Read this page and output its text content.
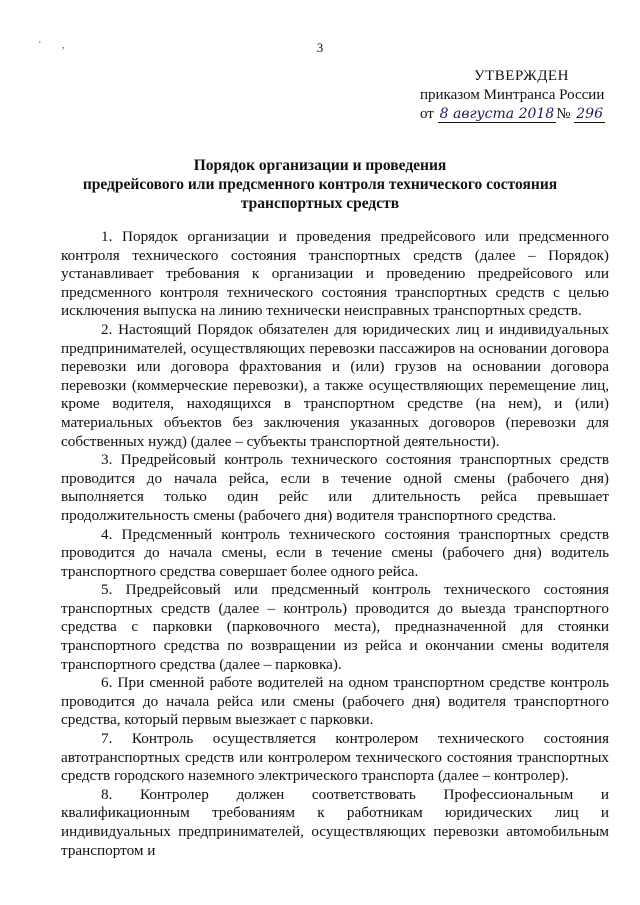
' ,	3
УТВЕРЖДЕН
приказом Минтранса России
от 8 августа 2018 № 296
Порядок организации и проведения
предрейсового или предсменного контроля технического состояния
транспортных средств

1. Порядок организации и проведения предрейсового или предсменного контроля технического состояния транспортных средств (далее – Порядок) устанавливает требования к организации и проведению предрейсового или предсменного контроля технического состояния транспортных средств с целью исключения выпуска на линию технически неисправных транспортных средств.

2. Настоящий Порядок обязателен для юридических лиц и индивидуальных предпринимателей, осуществляющих перевозки пассажиров на основании договора перевозки или договора фрахтования и (или) грузов на основании договора перевозки (коммерческие перевозки), а также осуществляющих перемещение лиц, кроме водителя, находящихся в транспортном средстве (на нем), и (или) материальных объектов без заключения указанных договоров (перевозки для собственных нужд) (далее – субъекты транспортной деятельности).

3. Предрейсовый контроль технического состояния транспортных средств проводится до начала рейса, если в течение одной смены (рабочего дня) выполняется только один рейс или длительность рейса превышает продолжительность смены (рабочего дня) водителя транспортного средства.

4. Предсменный контроль технического состояния транспортных средств проводится до начала смены, если в течение смены (рабочего дня) водитель транспортного средства совершает более одного рейса.

5. Предрейсовый или предсменный контроль технического состояния транспортных средств (далее – контроль) проводится до выезда транспортного средства с парковки (парковочного места), предназначенной для стоянки транспортного средства по возвращении из рейса и окончании смены водителя транспортного средства (далее – парковка).

6. При сменной работе водителей на одном транспортном средстве контроль проводится до начала рейса или смены (рабочего дня) водителя транспортного средства, который первым выезжает с парковки.

7. Контроль осуществляется контролером технического состояния автотранспортных средств или контролером технического состояния транспортных средств городского наземного электрического транспорта (далее – контролер).

8. Контролер должен соответствовать Профессиональным и квалификационным требованиям к работникам юридических лиц и индивидуальных предпринимателей, осуществляющих перевозки автомобильным транспортом и
